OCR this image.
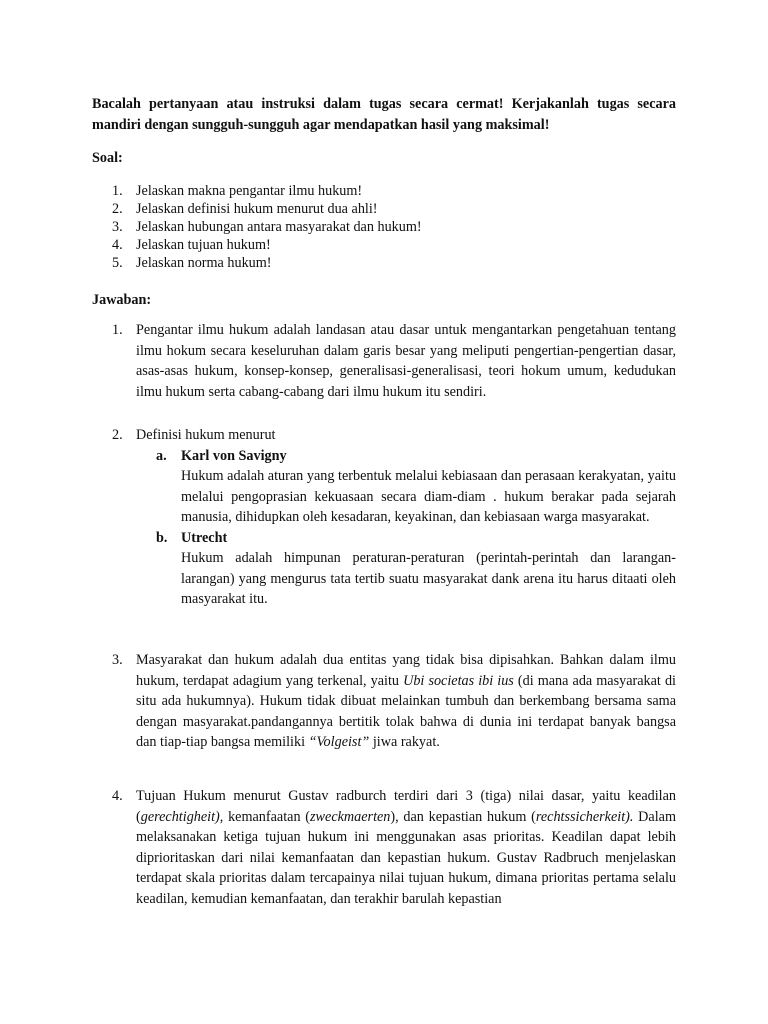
Bacalah pertanyaan atau instruksi dalam tugas secara cermat! Kerjakanlah tugas secara mandiri dengan sungguh-sungguh agar mendapatkan hasil yang maksimal!
Soal:
1. Jelaskan makna pengantar ilmu hukum!
2. Jelaskan definisi hukum menurut dua ahli!
3. Jelaskan hubungan antara masyarakat dan hukum!
4. Jelaskan tujuan hukum!
5. Jelaskan norma hukum!
Jawaban:
1. Pengantar ilmu hukum adalah landasan atau dasar untuk mengantarkan pengetahuan tentang ilmu hokum secara keseluruhan dalam garis besar yang meliputi pengertian-pengertian dasar, asas-asas hukum, konsep-konsep, generalisasi-generalisasi, teori hokum umum, kedudukan ilmu hukum serta cabang-cabang dari ilmu hukum itu sendiri.

2. Definisi hukum menurut

a. Karl von Savigny

Hukum adalah aturan yang terbentuk melalui kebiasaan dan perasaan kerakyatan, yaitu melalui pengoprasian kekuasaan secara diam-diam . hukum berakar pada sejarah manusia, dihidupkan oleh kesadaran, keyakinan, dan kebiasaan warga masyarakat.

b. Utrecht

Hukum adalah himpunan peraturan-peraturan (perintah-perintah dan larangan-larangan) yang mengurus tata tertib suatu masyarakat dank arena itu harus ditaati oleh masyarakat itu.

3. Masyarakat dan hukum adalah dua entitas yang tidak bisa dipisahkan. Bahkan dalam ilmu hukum, terdapat adagium yang terkenal, yaitu Ubi societas ibi ius (di mana ada masyarakat di situ ada hukumnya). Hukum tidak dibuat melainkan tumbuh dan berkembang bersama sama dengan masyarakat.pandangannya bertitik tolak bahwa di dunia ini terdapat banyak bangsa dan tiap-tiap bangsa memiliki “Volgeist” jiwa rakyat.

4. Tujuan Hukum menurut Gustav radburch terdiri dari 3 (tiga) nilai dasar, yaitu keadilan (gerechtigheit), kemanfaatan (zweckmaerten), dan kepastian hukum (rechtssicherkeit). Dalam melaksanakan ketiga tujuan hukum ini menggunakan asas prioritas. Keadilan dapat lebih diprioritaskan dari nilai kemanfaatan dan kepastian hukum. Gustav Radbruch menjelaskan terdapat skala prioritas dalam tercapainya nilai tujuan hukum, dimana prioritas pertama selalu keadilan, kemudian kemanfaatan, dan terakhir barulah kepastian
